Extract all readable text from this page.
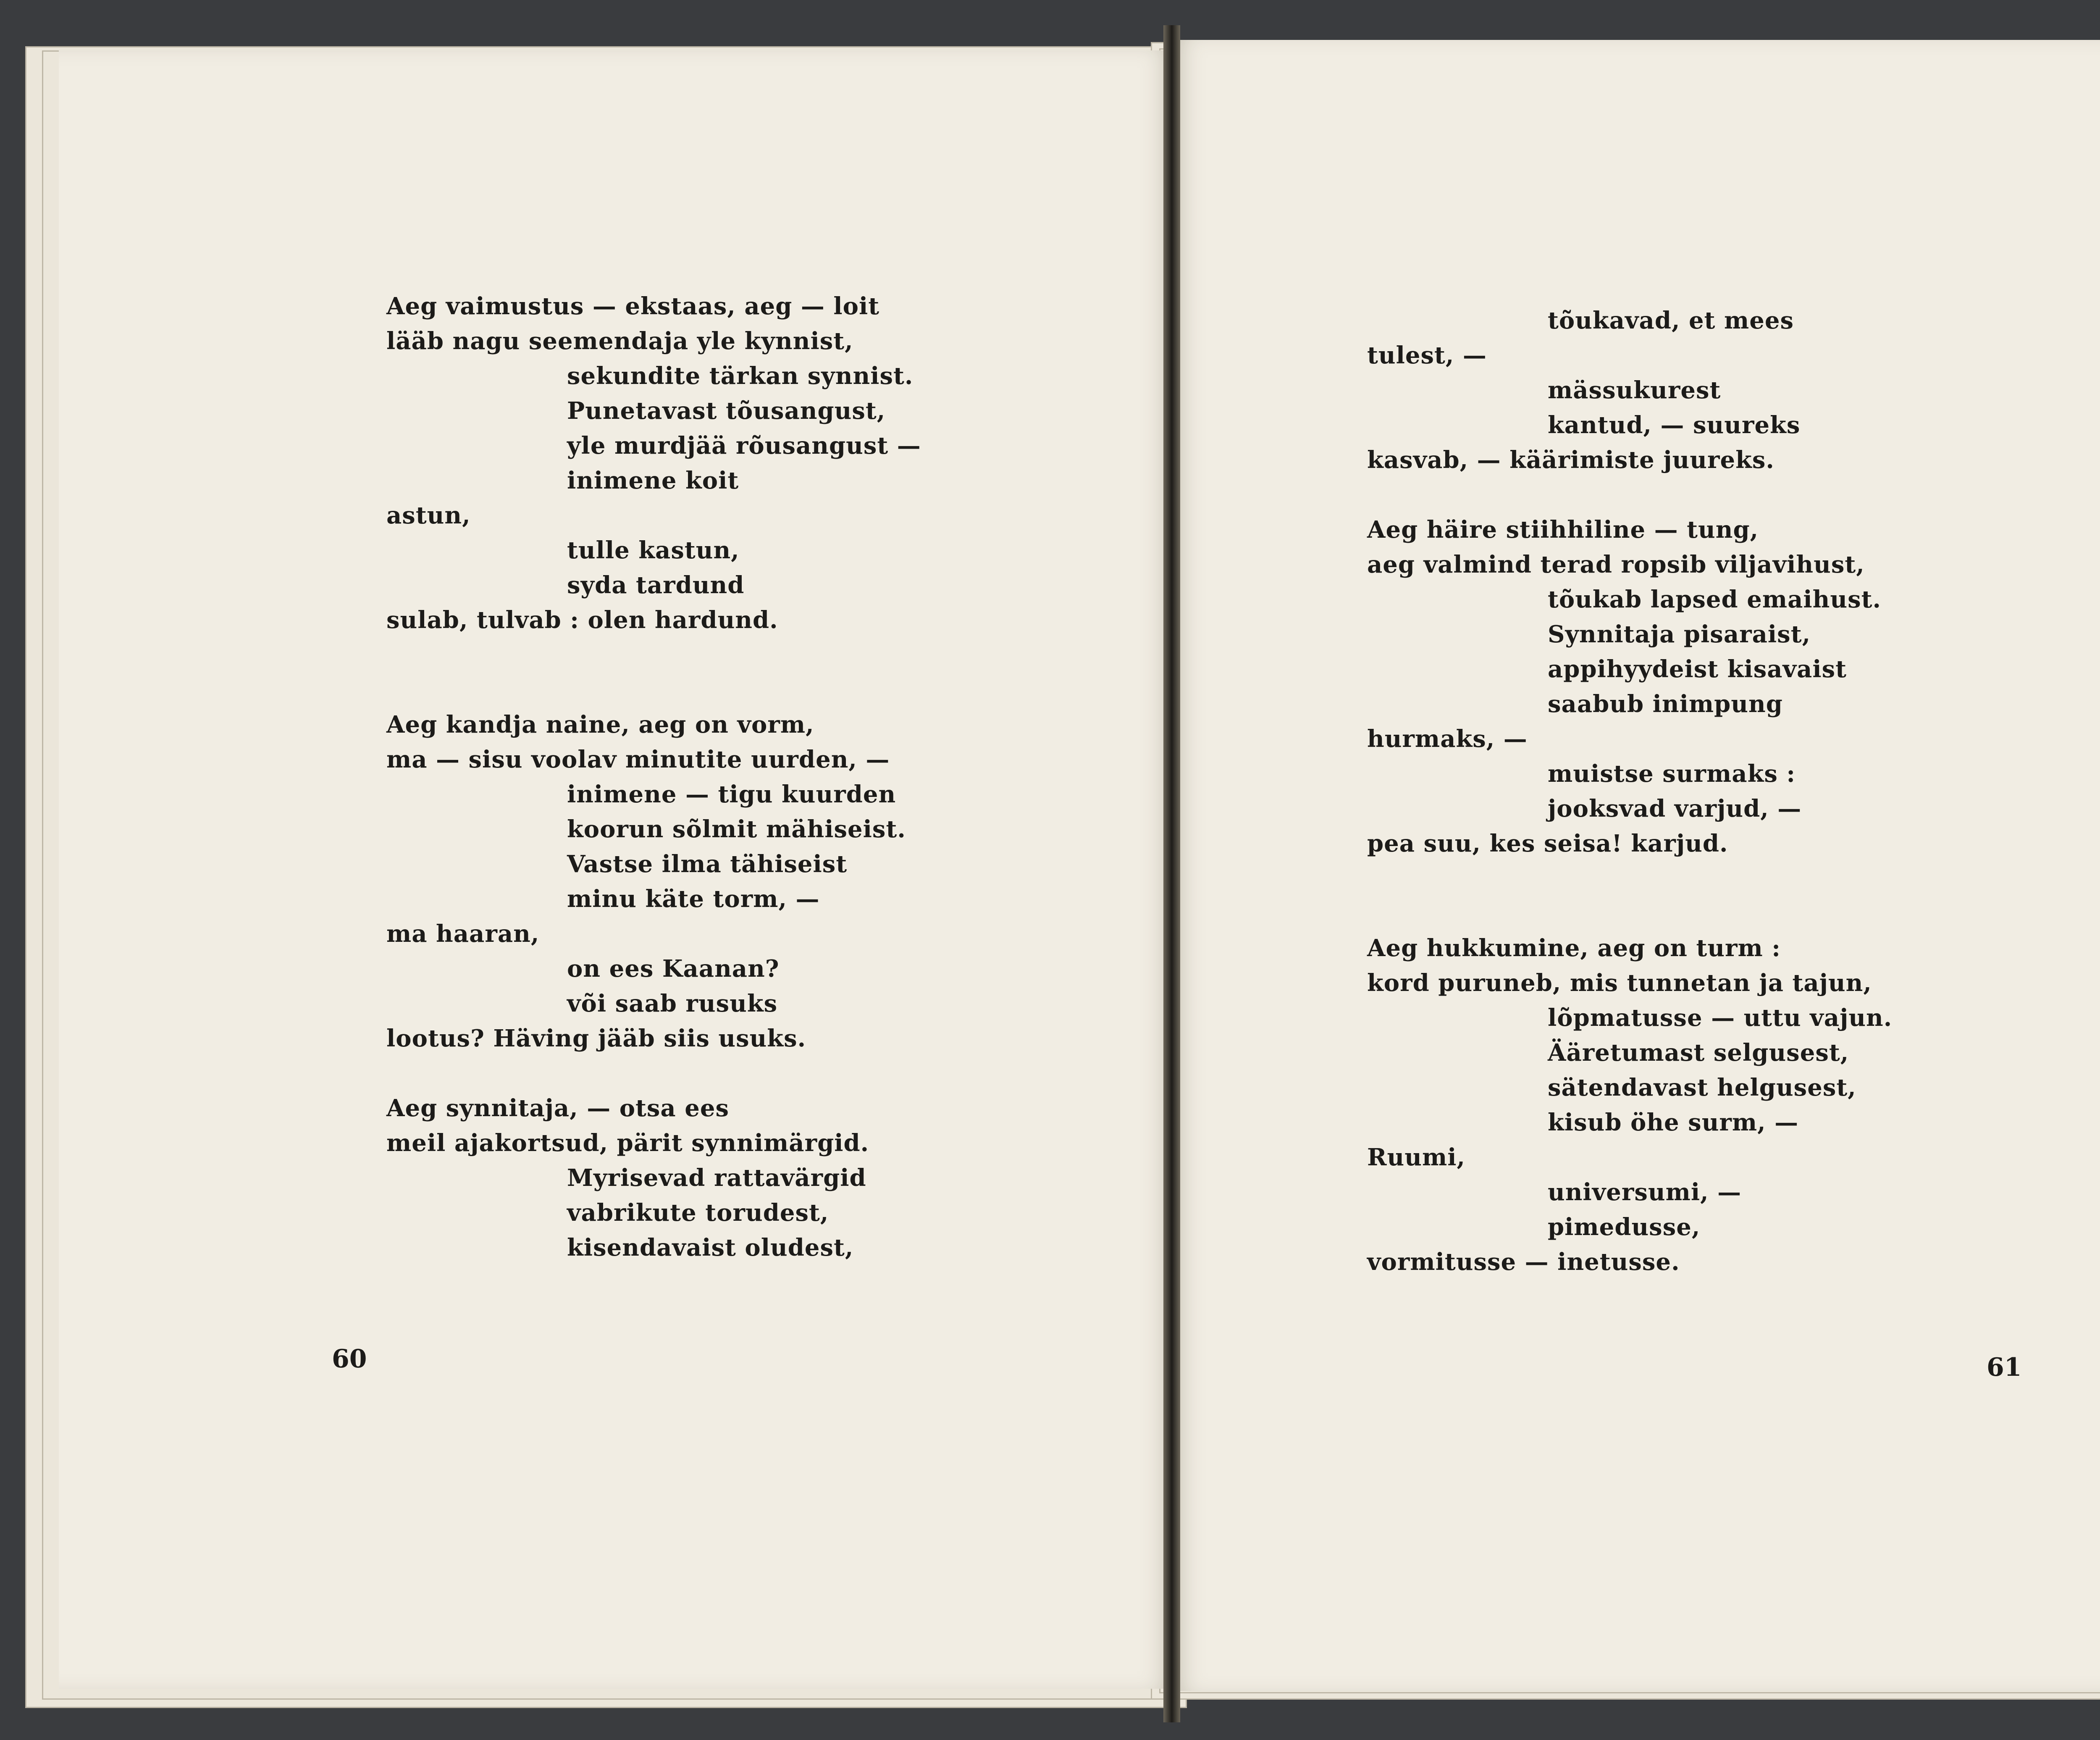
Aeg vaimustus — ekstaas, aeg — loit
lääb nagu seemendaja yle kynnist,
sekundite tärkan synnist.
Punetavast tõusangust,
yle murdjää rõusangust —
inimene koit
astun,
tulle kastun,
syda tardund
sulab, tulvab : olen hardund.
Aeg kandja naine, aeg on vorm,
ma — sisu voolav minutite uurden, —
inimene — tigu kuurden
koorun sõlmit mähiseist.
Vastse ilma tähiseist
minu käte torm, —
ma haaran,
on ees Kaanan?
või saab rusuks
lootus? Häving jääb siis usuks.
Aeg synnitaja, — otsa ees
meil ajakortsud, pärit synnimärgid.
Myrisevad rattavärgid
vabrikute torudest,
kisendavaist oludest,
tõukavad, et mees
tulest, —
mässukurest
kantud, — suureks
kasvab, — käärimiste juureks.
Aeg häire stiihhiline — tung,
aeg valmind terad ropsib viljavihust,
tõukab lapsed emaihust.
Synnitaja pisaraist,
appihyydeist kisavaist
saabub inimpung
hurmaks, —
muistse surmaks :
jooksvad varjud, —
pea suu, kes seisa! karjud.
Aeg hukkumine, aeg on turm :
kord puruneb, mis tunnetan ja tajun,
lõpmatusse — uttu vajun.
Ääretumast selgusest,
sätendavast helgusest,
kisub öhe surm, —
Ruumi,
universumi, —
pimedusse,
vormitusse — inetusse.
60	61
